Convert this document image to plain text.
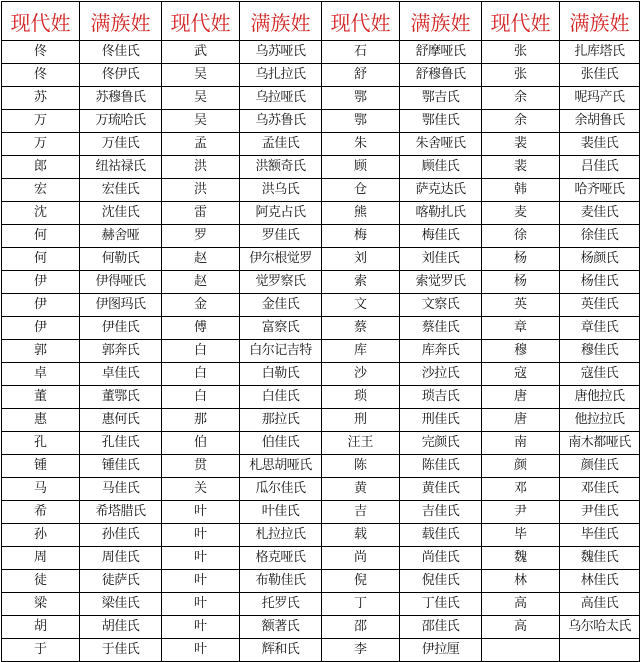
现代姓	满族姓	现代姓	满族姓	现代姓	满族姓	现代姓	满族姓
佟	佟佳氏	武	乌苏哑氏	石	舒摩哑氏	张	扎库塔氏
佟	佟伊氏	吴	乌扎拉氏	舒	舒穆鲁氏	张	张佳氏
苏	苏穆鲁氏	吴	乌拉哑氏	鄂	鄂吉氏	余	呢玛产氏
万	万琉哈氏	吴	乌苏鲁氏	鄂	鄂佳氏	余	余胡鲁氏
万	万佳氏	孟	孟佳氏	朱	朱舍哑氏	裴	裴佳氏
郎	纽祜禄氏	洪	洪额奇氏	顾	顾佳氏	裴	吕佳氏
宏	宏佳氏	洪	洪乌氏	仓	萨克达氏	韩	哈齐哑氏
沈	沈佳氏	雷	阿克占氏	熊	喀勒扎氏	麦	麦佳氏
何	赫舍哑	罗	罗佳氏	梅	梅佳氏	徐	徐佳氏
何	何勒氏	赵	伊尔根觉罗	刘	刘佳氏	杨	杨颜氏
伊	伊得哑氏	赵	觉罗察氏	索	索觉罗氏	杨	杨佳氏
伊	伊图玛氏	金	金佳氏	文	文察氏	英	英佳氏
伊	伊佳氏	傅	富察氏	蔡	蔡佳氏	章	章佳氏
郭	郭奔氏	白	白尔记吉特	库	库奔氏	穆	穆佳氏
卓	卓佳氏	白	白勒氏	沙	沙拉氏	寇	寇佳氏
董	董鄂氏	白	白佳氏	琐	琐吉氏	唐	唐他拉氏
惠	惠何氏	那	那拉氏	刑	刑佳氏	唐	他拉拉氏
孔	孔佳氏	伯	伯佳氏	汪王	完颜氏	南	南木都哑氏
锺	锺佳氏	贯	札思胡哑氏	陈	陈佳氏	颜	颜佳氏
马	马佳氏	关	瓜尔佳氏	黄	黄佳氏	邓	邓佳氏
希	希塔腊氏	叶	叶佳氏	吉	吉佳氏	尹	尹佳氏
孙	孙佳氏	叶	札拉拉氏	载	载佳氏	毕	毕佳氏
周	周佳氏	叶	格克哑氏	尚	尚佳氏	魏	魏佳氏
徒	徒萨氏	叶	布勒佳氏	倪	倪佳氏	林	林佳氏
梁	梁佳氏	叶	托罗氏	丁	丁佳氏	高	高佳氏
胡	胡佳氏	叶	额著氏	邵	邵佳氏	高	乌尔哈太氏
于	于佳氏	叶	辉和氏	李	伊拉厘		
